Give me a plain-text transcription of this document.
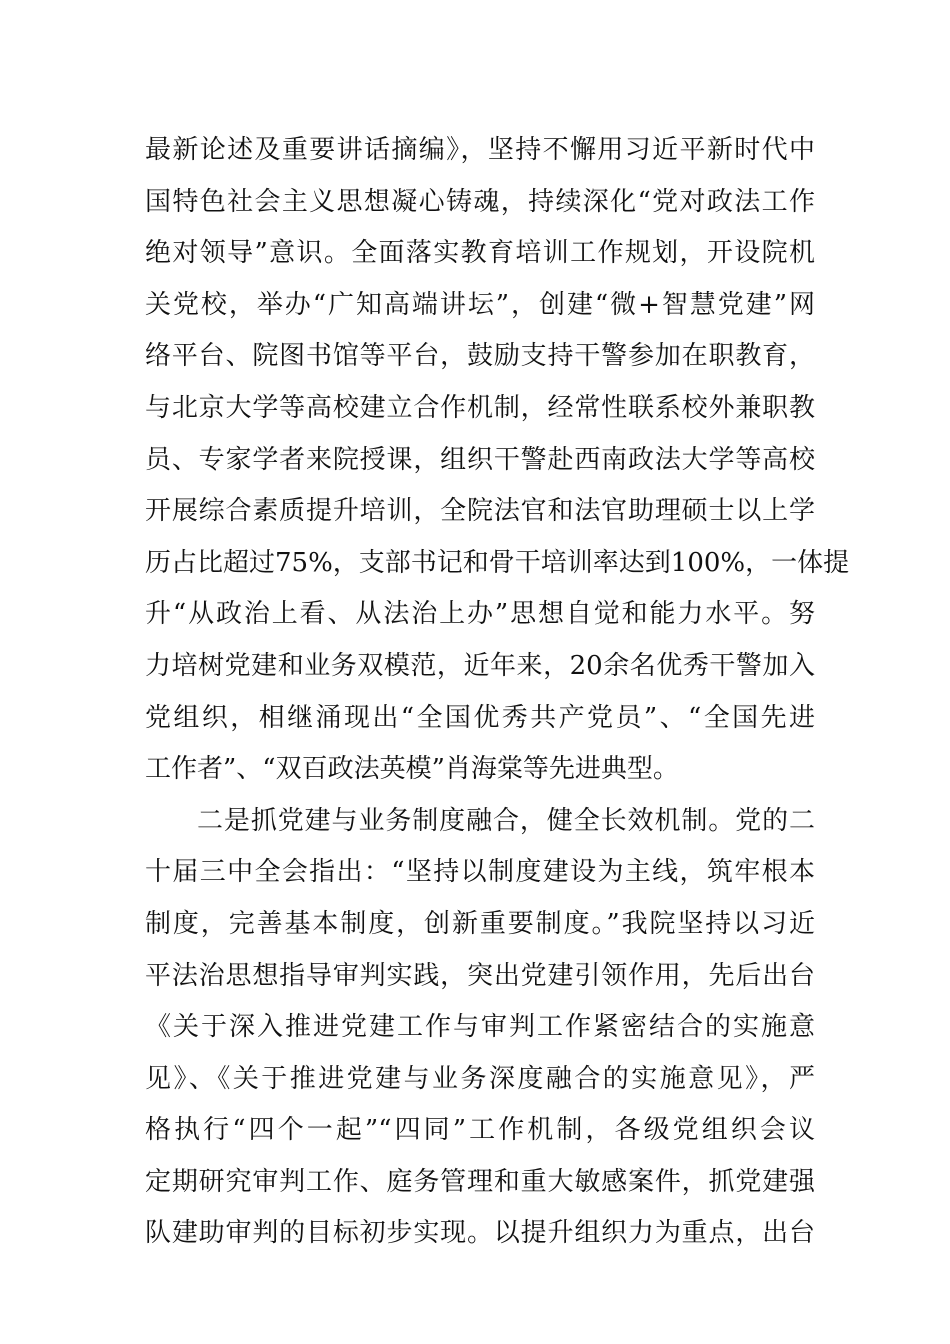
最新论述及重要讲话摘编》，坚持不懈用习近平新时代中
国特色社会主义思想凝心铸魂，持续深化“党对政法工作
绝对领导”意识。全面落实教育培训工作规划，开设院机
关党校，举办“广知高端讲坛”，创建“微+智慧党建”网
络平台、院图书馆等平台，鼓励支持干警参加在职教育，
与北京大学等高校建立合作机制，经常性联系校外兼职教
员、专家学者来院授课，组织干警赴西南政法大学等高校
开展综合素质提升培训，全院法官和法官助理硕士以上学
历占比超过75%，支部书记和骨干培训率达到100%，一体提
升“从政治上看、从法治上办”思想自觉和能力水平。努
力培树党建和业务双模范，近年来，20余名优秀干警加入
党组织，相继涌现出“全国优秀共产党员”、“全国先进
工作者”、“双百政法英模”肖海棠等先进典型。
二是抓党建与业务制度融合，健全长效机制。党的二
十届三中全会指出：“坚持以制度建设为主线，筑牢根本
制度，完善基本制度，创新重要制度。”我院坚持以习近
平法治思想指导审判实践，突出党建引领作用，先后出台
《关于深入推进党建工作与审判工作紧密结合的实施意
见》、《关于推进党建与业务深度融合的实施意见》，严
格执行“四个一起”“四同”工作机制，各级党组织会议
定期研究审判工作、庭务管理和重大敏感案件，抓党建强
队建助审判的目标初步实现。以提升组织力为重点，出台
